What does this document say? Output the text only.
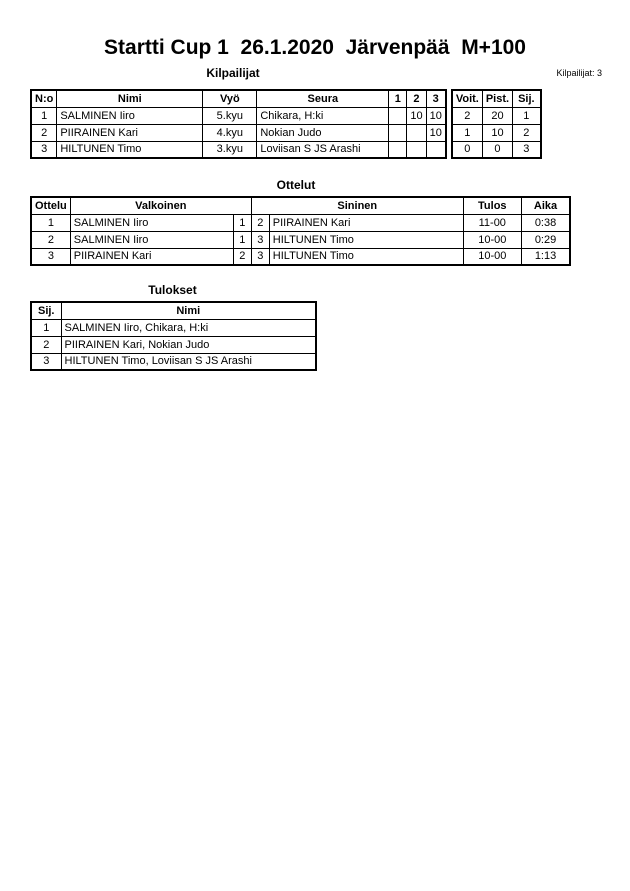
Startti Cup 1  26.1.2020  Järvenpää  M+100
Kilpailijat	Kilpailijat: 3
N:o	Nimi	Vyö	Seura	1	2	3
1	SALMINEN Iiro	5.kyu	Chikara, H:ki		10	10
2	PIIRAINEN Kari	4.kyu	Nokian Judo			10
3	HILTUNEN Timo	3.kyu	Loviisan S JS Arashi			
Voit.	Pist.	Sij.
2	20	1
1	10	2
0	0	3
Ottelut
Ottelu	Valkoinen		Sininen		Tulos	Aika
1	SALMINEN Iiro	1	2	PIIRAINEN Kari	11-00	0:38
2	SALMINEN Iiro	1	3	HILTUNEN Timo	10-00	0:29
3	PIIRAINEN Kari	2	3	HILTUNEN Timo	10-00	1:13
Tulokset
Sij.	Nimi
1	SALMINEN Iiro, Chikara, H:ki
2	PIIRAINEN Kari, Nokian Judo
3	HILTUNEN Timo, Loviisan S JS Arashi
